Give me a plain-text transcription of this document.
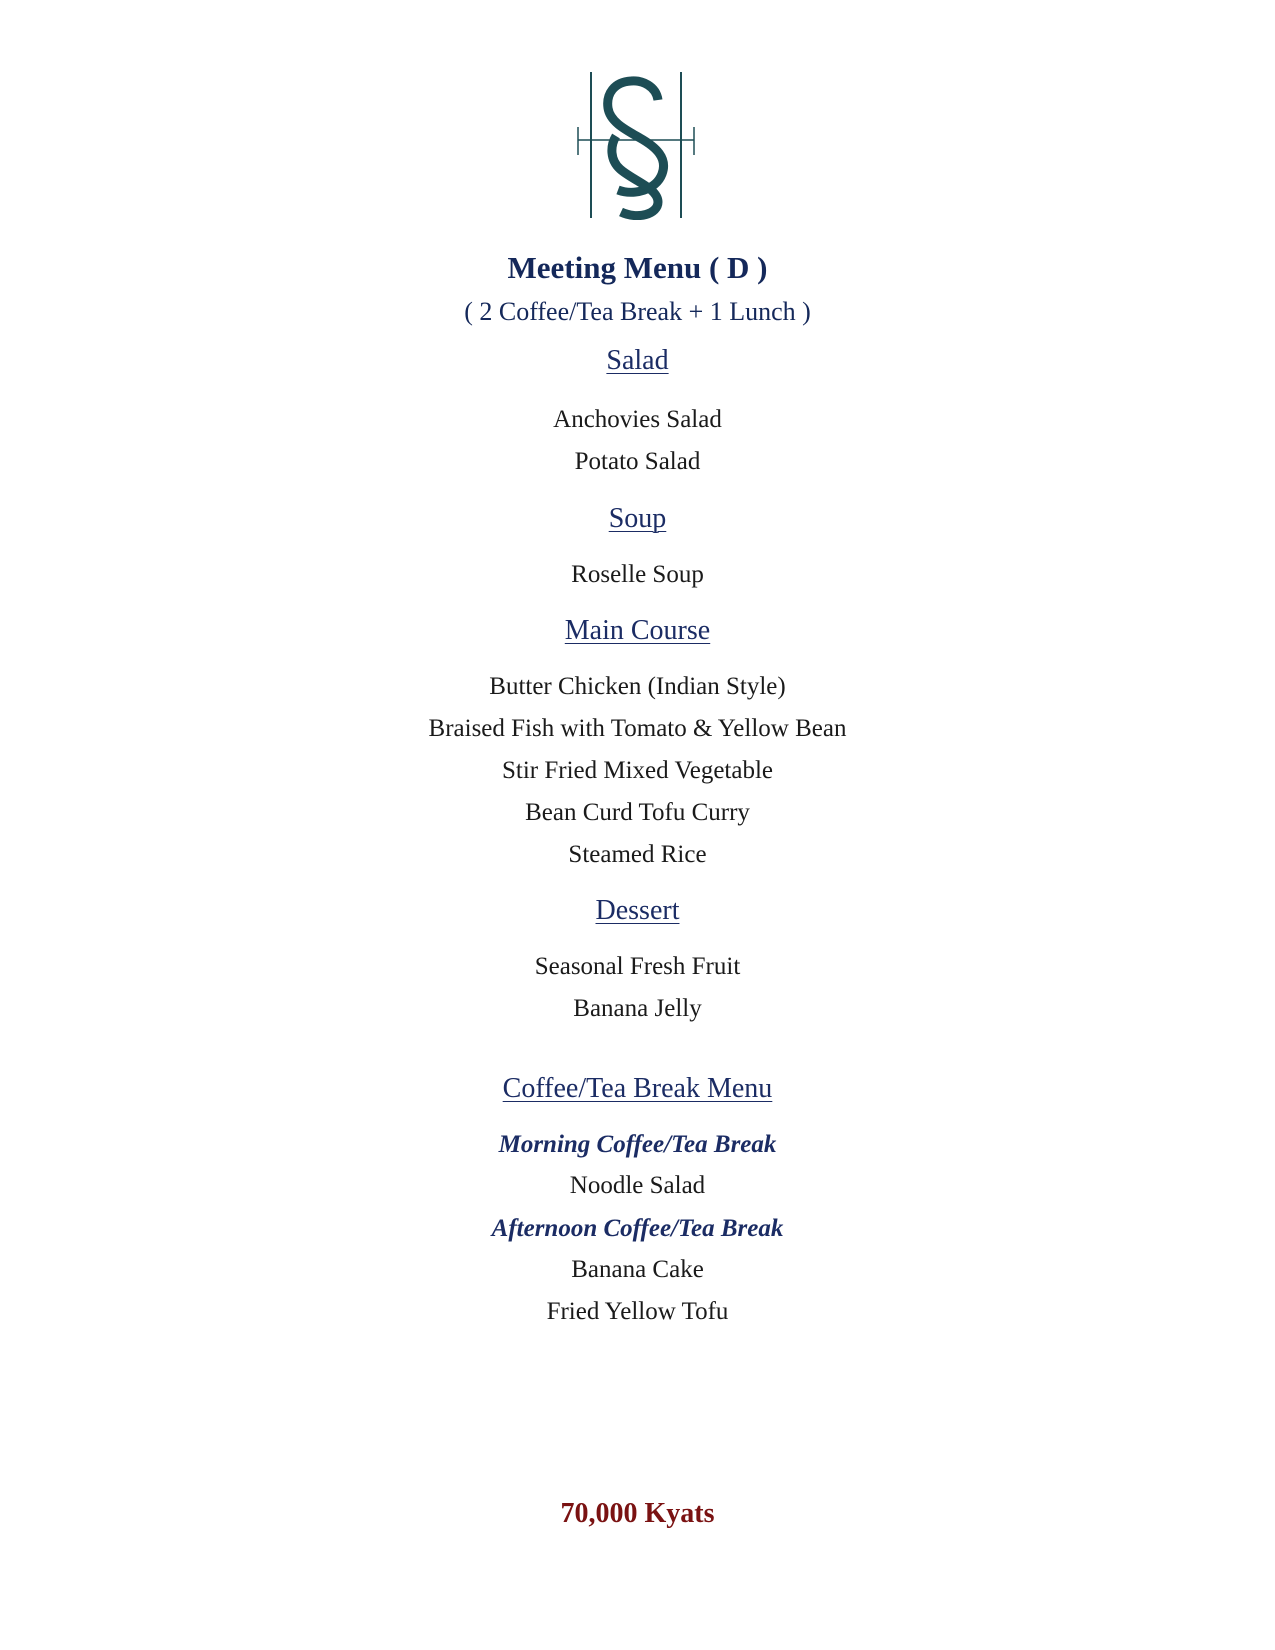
Meeting Menu ( D )
( 2 Coffee/Tea Break + 1 Lunch )
Salad
Anchovies Salad
Potato Salad
Soup
Roselle Soup
Main Course
Butter Chicken (Indian Style)
Braised Fish with Tomato & Yellow Bean
Stir Fried Mixed Vegetable
Bean Curd Tofu Curry
Steamed Rice
Dessert
Seasonal Fresh Fruit
Banana Jelly
Coffee/Tea Break Menu
Morning Coffee/Tea Break
Noodle Salad
Afternoon Coffee/Tea Break
Banana Cake
Fried Yellow Tofu
70,000 Kyats
